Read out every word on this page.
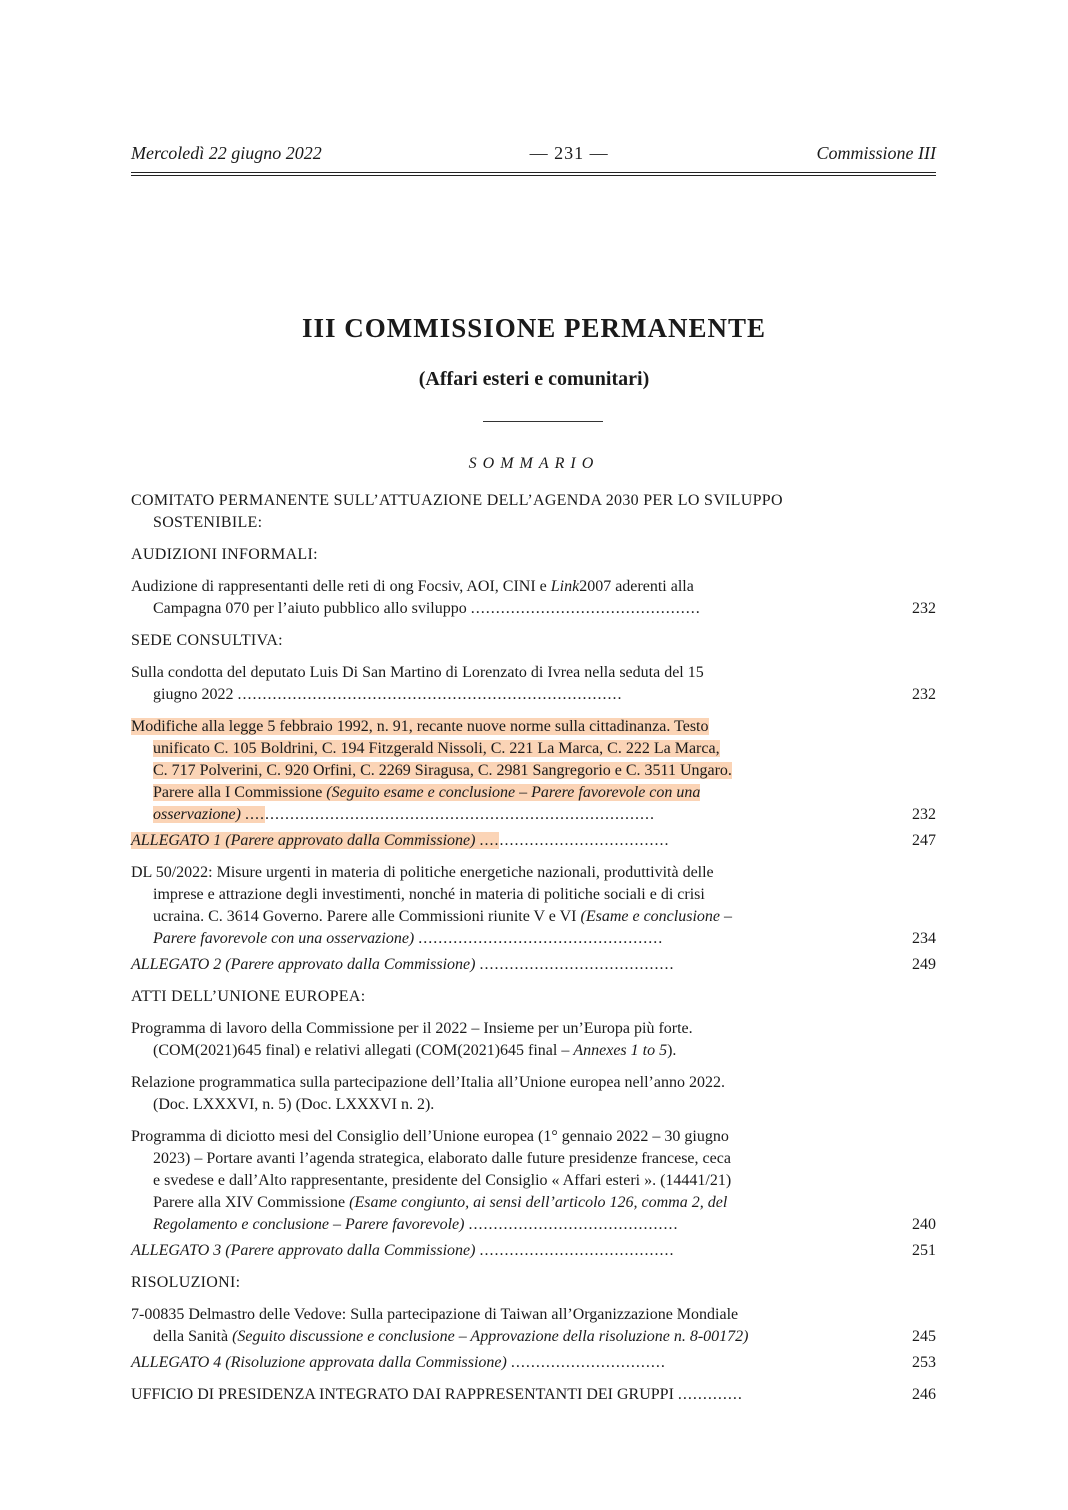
Mercoledì 22 giugno 2022	— 231 —	Commissione III
III COMMISSIONE PERMANENTE
(Affari esteri e comunitari)
SOMMARIO
COMITATO PERMANENTE SULL’ATTUAZIONE DELL’AGENDA 2030 PER LO SVILUPPO
SOSTENIBILE:
AUDIZIONI INFORMALI:
Audizione di rappresentanti delle reti di ong Focsiv, AOI, CINI e Link2007 aderenti alla
Campagna 070 per l’aiuto pubblico allo sviluppo ..............................................	232
SEDE CONSULTIVA:
Sulla condotta del deputato Luis Di San Martino di Lorenzato di Ivrea nella seduta del 15
giugno 2022 .............................................................................	232
Modifiche alla legge 5 febbraio 1992, n. 91, recante nuove norme sulla cittadinanza. Testo
unificato C. 105 Boldrini, C. 194 Fitzgerald Nissoli, C. 221 La Marca, C. 222 La Marca,
C. 717 Polverini, C. 920 Orfini, C. 2269 Siragusa, C. 2981 Sangregorio e C. 3511 Ungaro.
Parere alla I Commissione (Seguito esame e conclusione – Parere favorevole con una
osservazione) ..................................................................................	232
ALLEGATO 1 (Parere approvato dalla Commissione) ......................................	247
DL 50/2022: Misure urgenti in materia di politiche energetiche nazionali, produttività delle
imprese e attrazione degli investimenti, nonché in materia di politiche sociali e di crisi
ucraina. C. 3614 Governo. Parere alle Commissioni riunite V e VI (Esame e conclusione –
Parere favorevole con una osservazione) .................................................	234
ALLEGATO 2 (Parere approvato dalla Commissione) .......................................	249
ATTI DELL’UNIONE EUROPEA:
Programma di lavoro della Commissione per il 2022 – Insieme per un’Europa più forte.
(COM(2021)645 final) e relativi allegati (COM(2021)645 final – Annexes 1 to 5).
Relazione programmatica sulla partecipazione dell’Italia all’Unione europea nell’anno 2022.
(Doc. LXXXVI, n. 5) (Doc. LXXXVI n. 2).
Programma di diciotto mesi del Consiglio dell’Unione europea (1° gennaio 2022 – 30 giugno
2023) – Portare avanti l’agenda strategica, elaborato dalle future presidenze francese, ceca
e svedese e dall’Alto rappresentante, presidente del Consiglio « Affari esteri ». (14441/21)
Parere alla XIV Commissione (Esame congiunto, ai sensi dell’articolo 126, comma 2, del
Regolamento e conclusione – Parere favorevole) ..........................................	240
ALLEGATO 3 (Parere approvato dalla Commissione) .......................................	251
RISOLUZIONI:
7-00835 Delmastro delle Vedove: Sulla partecipazione di Taiwan all’Organizzazione Mondiale
della Sanità (Seguito discussione e conclusione – Approvazione della risoluzione n. 8-00172)	245
ALLEGATO 4 (Risoluzione approvata dalla Commissione) ...............................	253
UFFICIO DI PRESIDENZA INTEGRATO DAI RAPPRESENTANTI DEI GRUPPI .............	246
